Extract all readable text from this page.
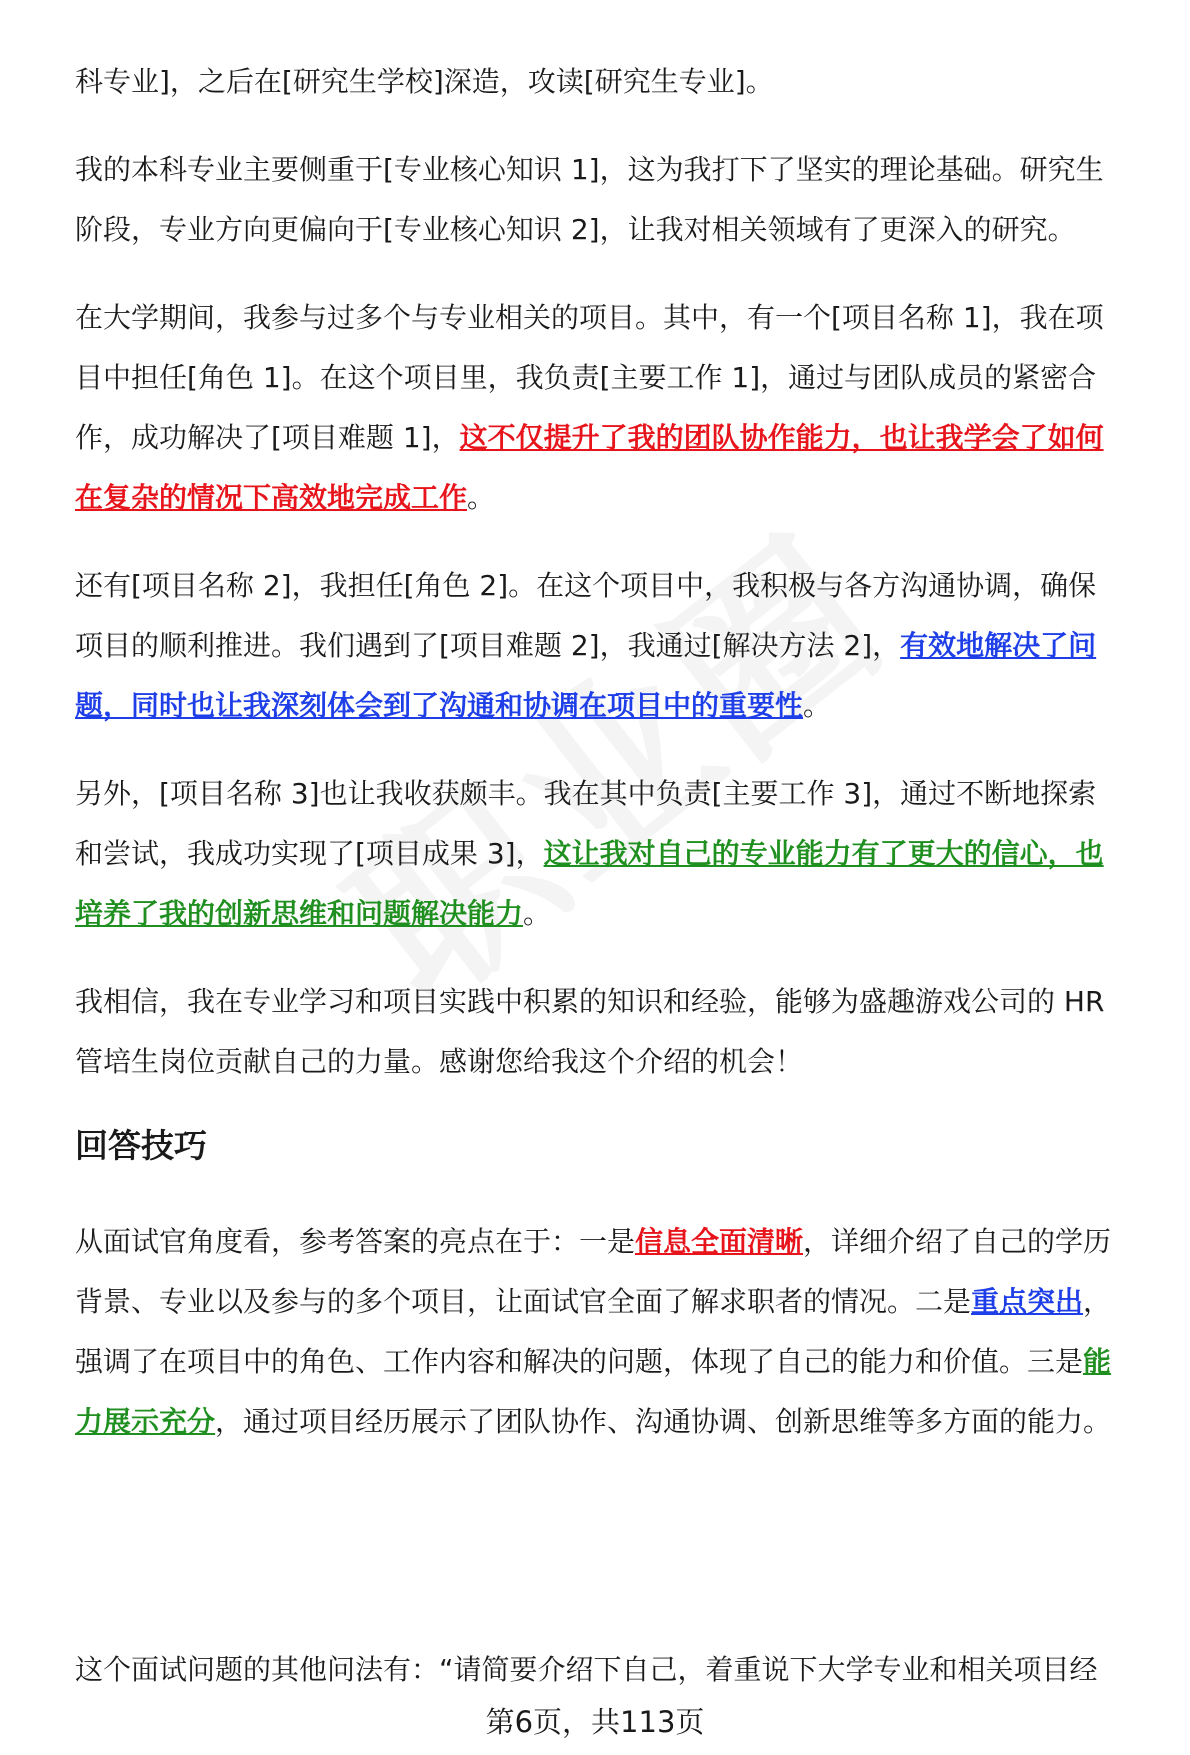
科专业]，之后在[研究生学校]深造，攻读[研究生专业]。

我的本科专业主要侧重于[专业核心知识 1]，这为我打下了坚实的理论基础。研究生阶段，专业方向更偏向于[专业核心知识 2]，让我对相关领域有了更深入的研究。

在大学期间，我参与过多个与专业相关的项目。其中，有一个[项目名称 1]，我在项目中担任[角色 1]。在这个项目里，我负责[主要工作 1]，通过与团队成员的紧密合作，成功解决了[项目难题 1]，这不仅提升了我的团队协作能力，也让我学会了如何在复杂的情况下高效地完成工作。

还有[项目名称 2]，我担任[角色 2]。在这个项目中，我积极与各方沟通协调，确保项目的顺利推进。我们遇到了[项目难题 2]，我通过[解决方法 2]，有效地解决了问题，同时也让我深刻体会到了沟通和协调在项目中的重要性。

另外，[项目名称 3]也让我收获颇丰。我在其中负责[主要工作 3]，通过不断地探索和尝试，我成功实现了[项目成果 3]，这让我对自己的专业能力有了更大的信心，也培养了我的创新思维和问题解决能力。

我相信，我在专业学习和项目实践中积累的知识和经验，能够为盛趣游戏公司的 HR 管培生岗位贡献自己的力量。感谢您给我这个介绍的机会！

回答技巧

从面试官角度看，参考答案的亮点在于：一是信息全面清晰，详细介绍了自己的学历背景、专业以及参与的多个项目，让面试官全面了解求职者的情况。二是重点突出，强调了在项目中的角色、工作内容和解决的问题，体现了自己的能力和价值。三是能力展示充分，通过项目经历展示了团队协作、沟通协调、创新思维等多方面的能力。

这个面试问题的其他问法有：“请简要介绍下自己，着重说下大学专业和相关项目经
第6页，共113页
